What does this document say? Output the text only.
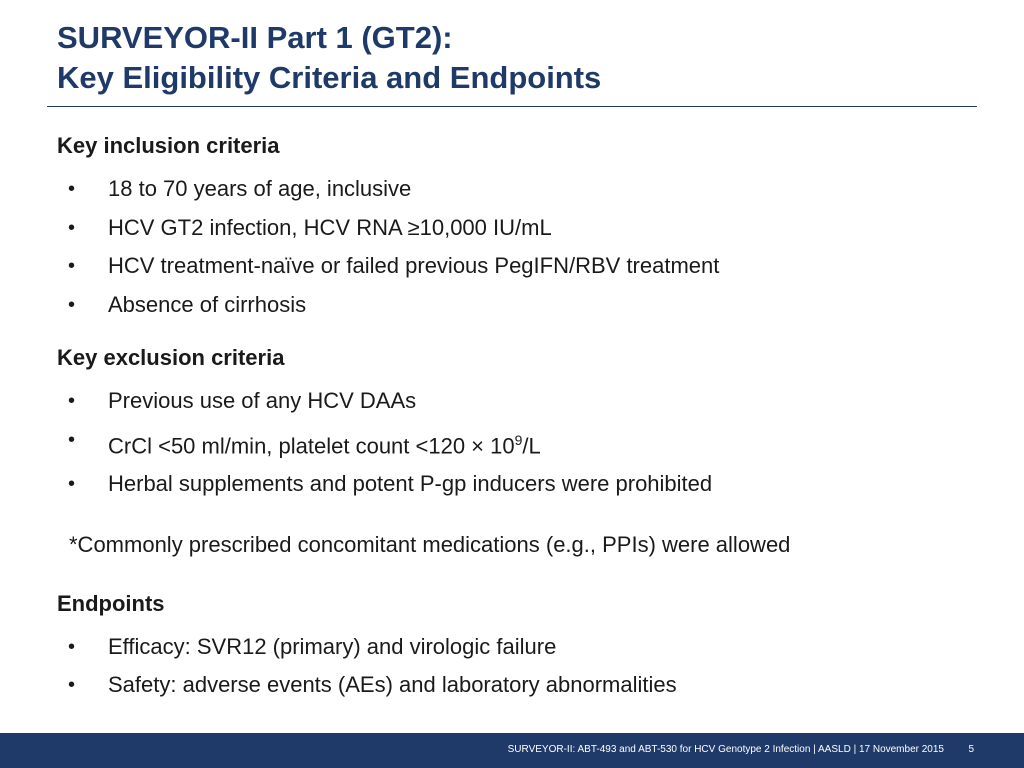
SURVEYOR-II Part 1 (GT2):
Key Eligibility Criteria and Endpoints
Key inclusion criteria
• 18 to 70 years of age, inclusive
• HCV GT2 infection, HCV RNA ≥10,000 IU/mL
• HCV treatment-naïve or failed previous PegIFN/RBV treatment
• Absence of cirrhosis
Key exclusion criteria
• Previous use of any HCV DAAs
• CrCl <50 ml/min, platelet count $<120 \times 10^9/L$
• Herbal supplements and potent P-gp inducers were prohibited
*Commonly prescribed concomitant medications (e.g., PPIs) were allowed
Endpoints
• Efficacy: SVR12 (primary) and virologic failure
• Safety: adverse events (AEs) and laboratory abnormalities
SURVEYOR-II: ABT-493 and ABT-530 for HCV Genotype 2 Infection | AASLD | 17 November 2015 5
